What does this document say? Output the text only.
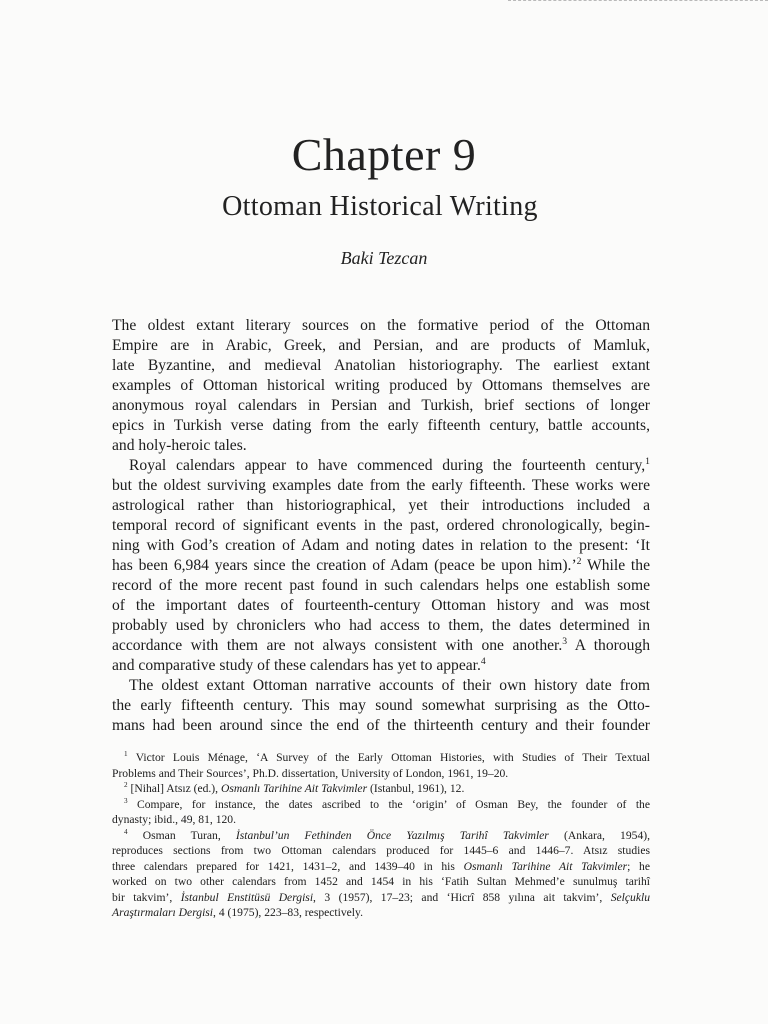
Chapter 9
Ottoman Historical Writing
Baki Tezcan
The oldest extant literary sources on the formative period of the Ottoman
Empire are in Arabic, Greek, and Persian, and are products of Mamluk,
late Byzantine, and medieval Anatolian historiography. The earliest extant
examples of Ottoman historical writing produced by Ottomans themselves are
anonymous royal calendars in Persian and Turkish, brief sections of longer
epics in Turkish verse dating from the early fifteenth century, battle accounts,
and holy-heroic tales.
Royal calendars appear to have commenced during the fourteenth century,$^1$
but the oldest surviving examples date from the early fifteenth. These works were
astrological rather than historiographical, yet their introductions included a
temporal record of significant events in the past, ordered chronologically, begin-
ning with God’s creation of Adam and noting dates in relation to the present: ‘It
has been 6,984 years since the creation of Adam (peace be upon him).’$^2$ While the
record of the more recent past found in such calendars helps one establish some
of the important dates of fourteenth-century Ottoman history and was most
probably used by chroniclers who had access to them, the dates determined in
accordance with them are not always consistent with one another.$^3$ A thorough
and comparative study of these calendars has yet to appear.$^4$
The oldest extant Ottoman narrative accounts of their own history date from
the early fifteenth century. This may sound somewhat surprising as the Otto-
mans had been around since the end of the thirteenth century and their founder
$^1$ Victor Louis Ménage, ‘A Survey of the Early Ottoman Histories, with Studies of Their Textual
Problems and Their Sources’, Ph.D. dissertation, University of London, 1961, 19–20.
$^2$ [Nihal] Atsız (ed.), Osmanlı Tarihine Ait Takvimler (Istanbul, 1961), 12.
$^3$ Compare, for instance, the dates ascribed to the ‘origin’ of Osman Bey, the founder of the
dynasty; ibid., 49, 81, 120.
$^4$ Osman Turan, İstanbul’un Fethinden Önce Yazılmış Tarihî Takvimler (Ankara, 1954),
reproduces sections from two Ottoman calendars produced for 1445–6 and 1446–7. Atsız studies
three calendars prepared for 1421, 1431–2, and 1439–40 in his Osmanlı Tarihine Ait Takvimler; he
worked on two other calendars from 1452 and 1454 in his ‘Fatih Sultan Mehmed’e sunulmuş tarihî
bir takvim’, İstanbul Enstitüsü Dergisi, 3 (1957), 17–23; and ‘Hicrî 858 yılına ait takvim’, Selçuklu
Araştırmaları Dergisi, 4 (1975), 223–83, respectively.
